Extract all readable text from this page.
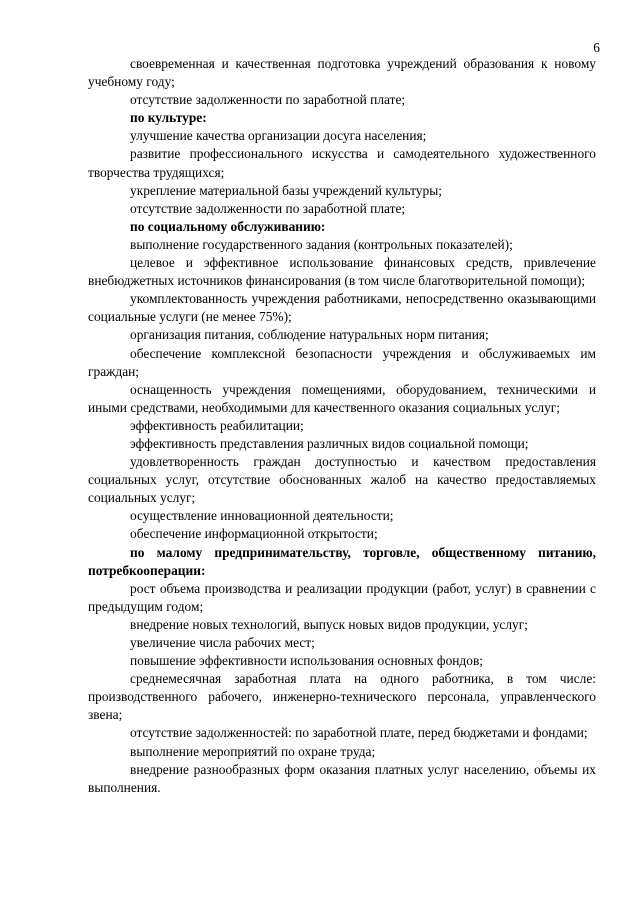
6

своевременная и качественная подготовка учреждений образования к новому учебному году;

отсутствие задолженности по заработной плате;

по культуре:

улучшение качества организации досуга населения;

развитие профессионального искусства и самодеятельного художественного творчества трудящихся;

укрепление материальной базы учреждений культуры;

отсутствие задолженности по заработной плате;

по социальному обслуживанию:

выполнение государственного задания (контрольных показателей);

целевое и эффективное использование финансовых средств, привлечение внебюджетных источников финансирования (в том числе благотворительной помощи);

укомплектованность учреждения работниками, непосредственно оказывающими социальные услуги (не менее 75%);

организация питания, соблюдение натуральных норм питания;

обеспечение комплексной безопасности учреждения и обслуживаемых им граждан;

оснащенность учреждения помещениями, оборудованием, техническими и иными средствами, необходимыми для качественного оказания социальных услуг;

эффективность реабилитации;

эффективность представления различных видов социальной помощи;

удовлетворенность граждан доступностью и качеством предоставления социальных услуг, отсутствие обоснованных жалоб на качество предоставляемых социальных услуг;

осуществление инновационной деятельности;

обеспечение информационной открытости;

по малому предпринимательству, торговле, общественному питанию, потребкооперации:

рост объема производства и реализации продукции (работ, услуг) в сравнении с предыдущим годом;

внедрение новых технологий, выпуск новых видов продукции, услуг;

увеличение числа рабочих мест;

повышение эффективности использования основных фондов;

среднемесячная заработная плата на одного работника, в том числе: производственного рабочего, инженерно-технического персонала, управленческого звена;

отсутствие задолженностей: по заработной плате, перед бюджетами и фондами;

выполнение мероприятий по охране труда;

внедрение разнообразных форм оказания платных услуг населению, объемы их выполнения.
